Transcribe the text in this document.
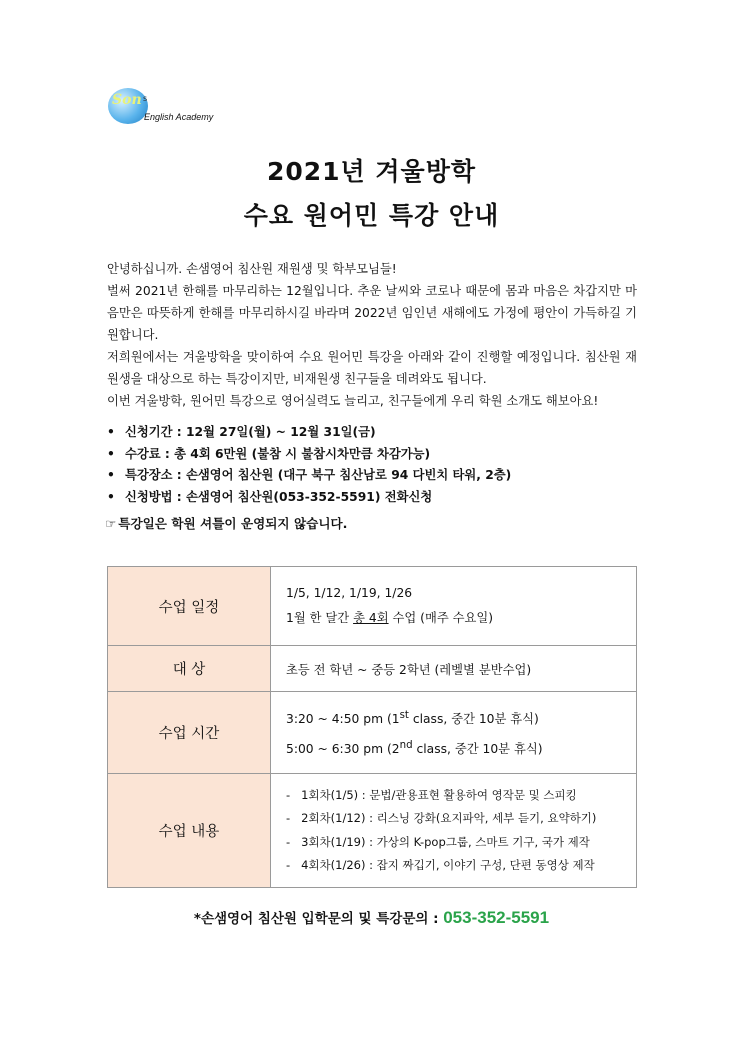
Son s
English Academy
2021년 겨울방학
수요 원어민 특강 안내

안녕하십니까. 손샘영어 침산원 재원생 및 학부모님들!

벌써 2021년 한해를 마무리하는 12월입니다. 추운 날씨와 코로나 때문에 몸과 마음은 차갑지만 마음만은 따뜻하게 한해를 마무리하시길 바라며 2022년 임인년 새해에도 가정에 평안이 가득하길 기원합니다.

저희원에서는 겨울방학을 맞이하여 수요 원어민 특강을 아래와 같이 진행할 예정입니다. 침산원 재원생을 대상으로 하는 특강이지만, 비재원생 친구들을 데려와도 됩니다.

이번 겨울방학, 원어민 특강으로 영어실력도 늘리고, 친구들에게 우리 학원 소개도 해보아요!

• 신청기간 : 12월 27일(월) ~ 12월 31일(금)
• 수강료 : 총 4회 6만원 (불참 시 불참시차만큼 차감가능)
• 특강장소 : 손샘영어 침산원 (대구 북구 침산남로 94 다빈치 타워, 2층)
• 신청방법 : 손샘영어 침산원(053-352-5591) 전화신청
☞ 특강일은 학원 셔틀이 운영되지 않습니다.
수업 일정	1/5, 1/12, 1/19, 1/26
1월 한 달간 총 4회 수업 (매주 수요일)

대 상	초등 전 학년 ~ 중등 2학년 (레벨별 분반수업)
수업 시간	3:20 ~ 4:50 pm (1st class, 중간 10분 휴식)
5:00 ~ 6:30 pm (2nd class, 중간 10분 휴식)

수업 내용	-   1회차(1/5) : 문법/관용표현 활용하여 영작문 및 스피킹
-   2회차(1/12) : 리스닝 강화(요지파악, 세부 듣기, 요약하기)
-   3회차(1/19) : 가상의 K-pop그룹, 스마트 기구, 국가 제작
-   4회차(1/26) : 잡지 짜깁기, 이야기 구성, 단편 동영상 제작
*손샘영어 침산원 입학문의 및 특강문의 : 053-352-5591
